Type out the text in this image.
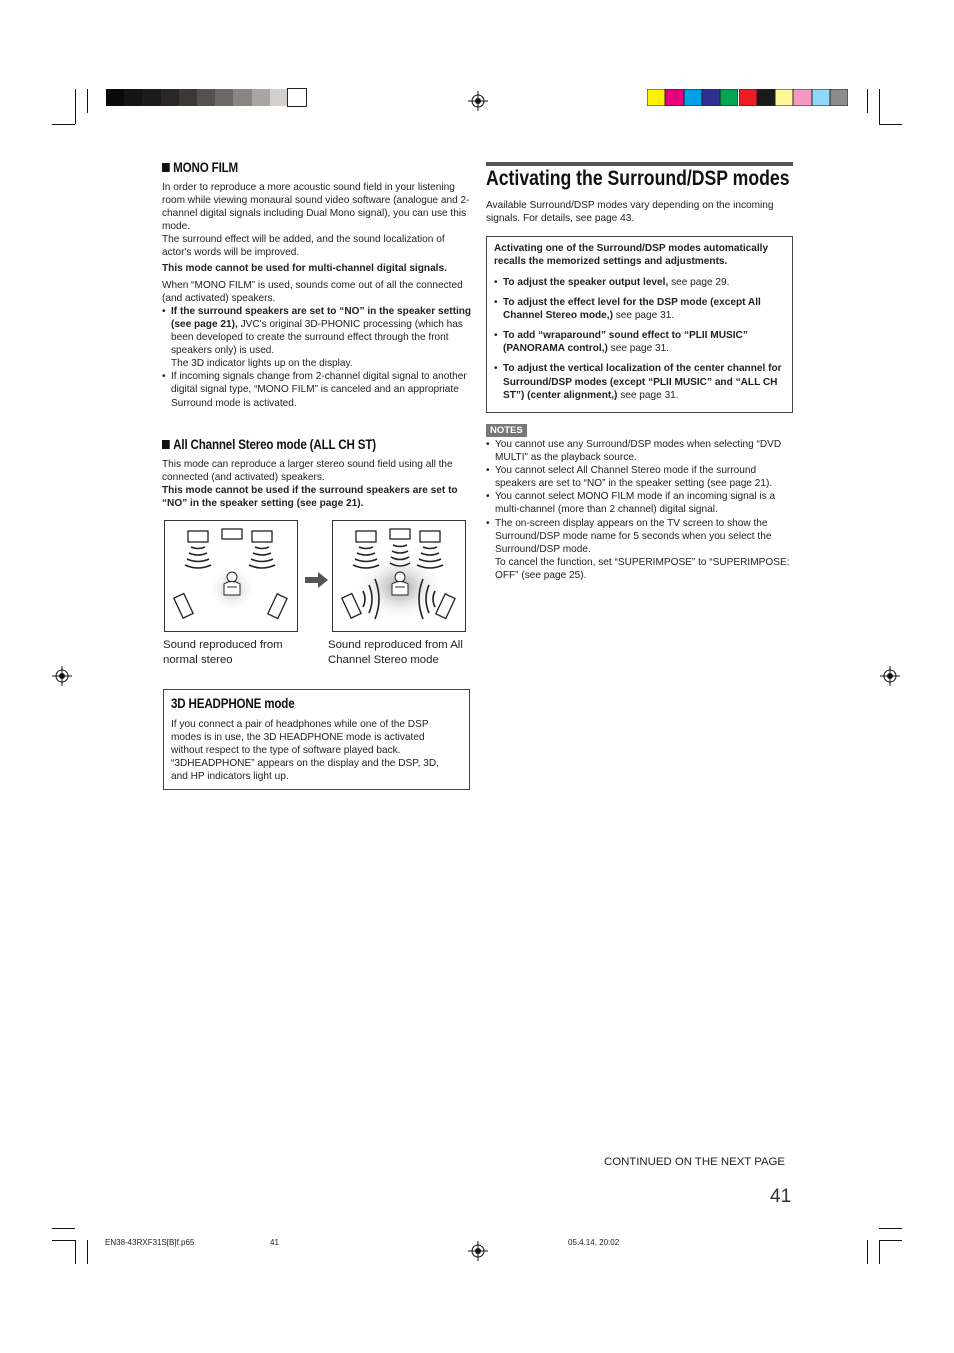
MONO FILM

In order to reproduce a more acoustic sound field in your listening room while viewing monaural sound video software (analogue and 2-channel digital signals including Dual Mono signal), you can use this mode.

The surround effect will be added, and the sound localization of actor's words will be improved.

This mode cannot be used for multi-channel digital signals.

When “MONO FILM” is used, sounds come out of all the connected (and activated) speakers.

• If the surround speakers are set to “NO” in the speaker setting (see page 21), JVC's original 3D-PHONIC processing (which has been developed to create the surround effect through the front speakers only) is used.
The 3D indicator lights up on the display.
• If incoming signals change from 2-channel digital signal to another digital signal type, “MONO FILM” is canceled and an appropriate Surround mode is activated.
All Channel Stereo mode (ALL CH ST)

This mode can reproduce a larger stereo sound field using all the connected (and activated) speakers.

This mode cannot be used if the surround speakers are set to “NO” in the speaker setting (see page 21).

Sound reproduced from normal stereo
Sound reproduced from All Channel Stereo mode
3D HEADPHONE mode
If you connect a pair of headphones while one of the DSP modes is in use, the 3D HEADPHONE mode is activated without respect to the type of software played back. “3DHEADPHONE” appears on the display and the DSP, 3D, and HP indicators light up.
Activating the Surround/DSP modes
Available Surround/DSP modes vary depending on the incoming signals. For details, see page 43.
Activating one of the Surround/DSP modes automatically recalls the memorized settings and adjustments.
• To adjust the speaker output level, see page 29.
• To adjust the effect level for the DSP mode (except All Channel Stereo mode,) see page 31.
• To add “wraparound” sound effect to “PLII MUSIC” (PANORAMA control,) see page 31.
• To adjust the vertical localization of the center channel for Surround/DSP modes (except “PLII MUSIC” and “ALL CH ST”) (center alignment,) see page 31.
NOTES
• You cannot use any Surround/DSP modes when selecting “DVD MULTI” as the playback source.
• You cannot select All Channel Stereo mode if the surround speakers are set to “NO” in the speaker setting (see page 21).
• You cannot select MONO FILM mode if an incoming signal is a multi-channel (more than 2 channel) digital signal.
• The on-screen display appears on the TV screen to show the Surround/DSP mode name for 5 seconds when you select the Surround/DSP mode.
To cancel the function, set “SUPERIMPOSE” to “SUPERIMPOSE: OFF” (see page 25).
CONTINUED ON THE NEXT PAGE
41
EN38-43RXF31S[B]f.p65	41	05.4.14, 20:02
